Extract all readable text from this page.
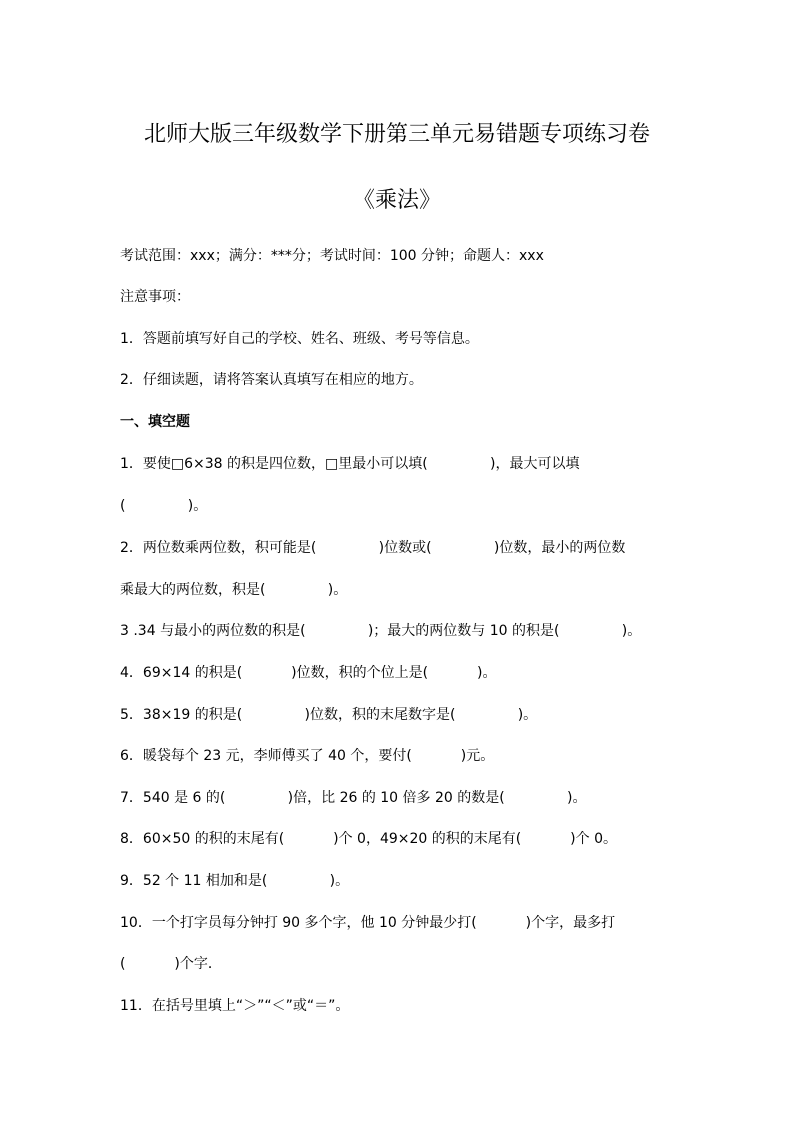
北师大版三年级数学下册第三单元易错题专项练习卷
《乘法》
考试范围：xxx；满分：***分；考试时间：100 分钟；命题人：xxx
注意事项：
1．答题前填写好自己的学校、姓名、班级、考号等信息。
2．仔细读题，请将答案认真填写在相应的地方。
一、填空题
1．要使□6×38 的积是四位数，□里最小可以填(              )，最大可以填
(              )。
2．两位数乘两位数，积可能是(              )位数或(              )位数，最小的两位数
乘最大的两位数，积是(              )。
3 .34 与最小的两位数的积是(              )；最大的两位数与 10 的积是(              )。
4．69×14 的积是(           )位数，积的个位上是(           )。
5．38×19 的积是(              )位数，积的末尾数字是(              )。
6．暖袋每个 23 元，李师傅买了 40 个，要付(           )元。
7．540 是 6 的(              )倍，比 26 的 10 倍多 20 的数是(              )。
8．60×50 的积的末尾有(           )个 0，49×20 的积的末尾有(           )个 0。
9．52 个 11 相加和是(              )。
10．一个打字员每分钟打 90 多个字，他 10 分钟最少打(           )个字，最多打
(           )个字．
11．在括号里填上“＞”“＜”或“＝”。
